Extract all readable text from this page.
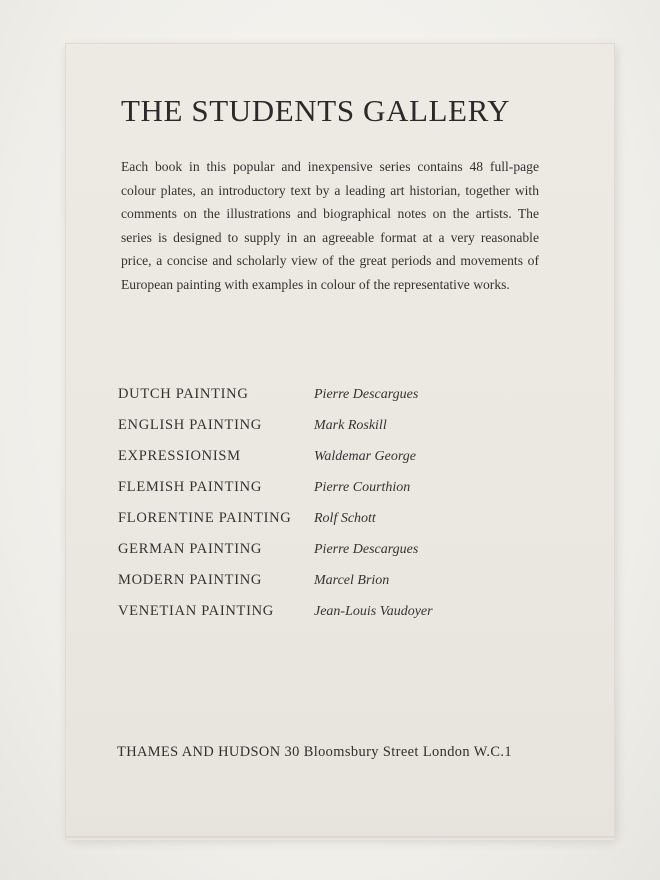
THE STUDENTS GALLERY

Each book in this popular and inexpensive series contains 48 full-page colour plates, an introductory text by a leading art historian, together with comments on the illustrations and biographical notes on the artists. The series is designed to supply in an agreeable format at a very reasonable price, a concise and scholarly view of the great periods and movements of European painting with examples in colour of the representative works.

DUTCH PAINTING	Pierre Descargues
ENGLISH PAINTING	Mark Roskill
EXPRESSIONISM	Waldemar George
FLEMISH PAINTING	Pierre Courthion
FLORENTINE PAINTING	Rolf Schott
GERMAN PAINTING	Pierre Descargues
MODERN PAINTING	Marcel Brion
VENETIAN PAINTING	Jean-Louis Vaudoyer

THAMES AND HUDSON 30 Bloomsbury Street London W.C.1
